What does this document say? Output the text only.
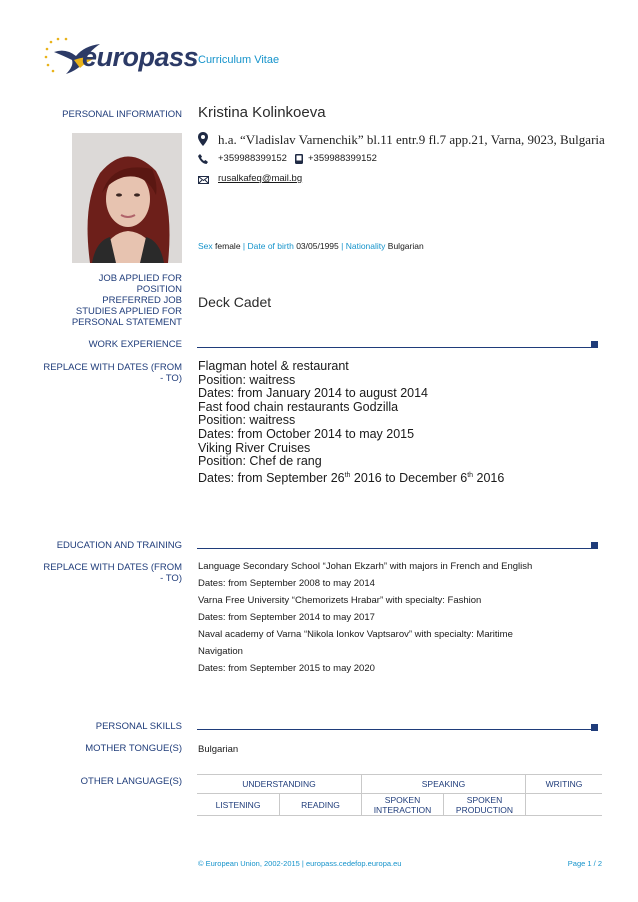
europass Curriculum Vitae
PERSONAL INFORMATION Kristina Kolinkoeva
h.a. “Vladislav Varnenchik” bl.11 entr.9 fl.7 app.21, Varna, 9023, Bulgaria
+359988399152 +359988399152
rusalkafeq@mail.bg
Sex female | Date of birth 03/05/1995 | Nationality Bulgarian
JOB APPLIED FOR
POSITION
PREFERRED JOB
STUDIES APPLIED FOR
PERSONAL STATEMENT
Deck Cadet
WORK EXPERIENCE
REPLACE WITH DATES (FROM - TO)

Flagman hotel & restaurant

Position: waitress

Dates: from January 2014 to august 2014

Fast food chain restaurants Godzilla

Position: waitress

Dates: from October 2014 to may 2015

Viking River Cruises

Position: Chef de rang

Dates: from September 26th 2016 to December 6th 2016

EDUCATION AND TRAINING
REPLACE WITH DATES (FROM - TO)

Language Secondary School “Johan Ekzarh” with majors in French and English

Dates: from September 2008 to may 2014

Varna Free University “Chemorizets Hrabar” with specialty: Fashion

Dates: from September 2014 to may 2017

Naval academy of Varna “Nikola Ionkov Vaptsarov” with specialty: Maritime

Navigation

Dates: from September 2015 to may 2020

PERSONAL SKILLS
MOTHER TONGUE(S) Bulgarian
OTHER LANGUAGE(S)	UNDERSTANDING		SPEAKING		WRITING
LISTENING	READING	SPOKEN INTERACTION	SPOKEN PRODUCTION	
© European Union, 2002-2015 | europass.cedefop.europa.eu	Page 1 / 2
